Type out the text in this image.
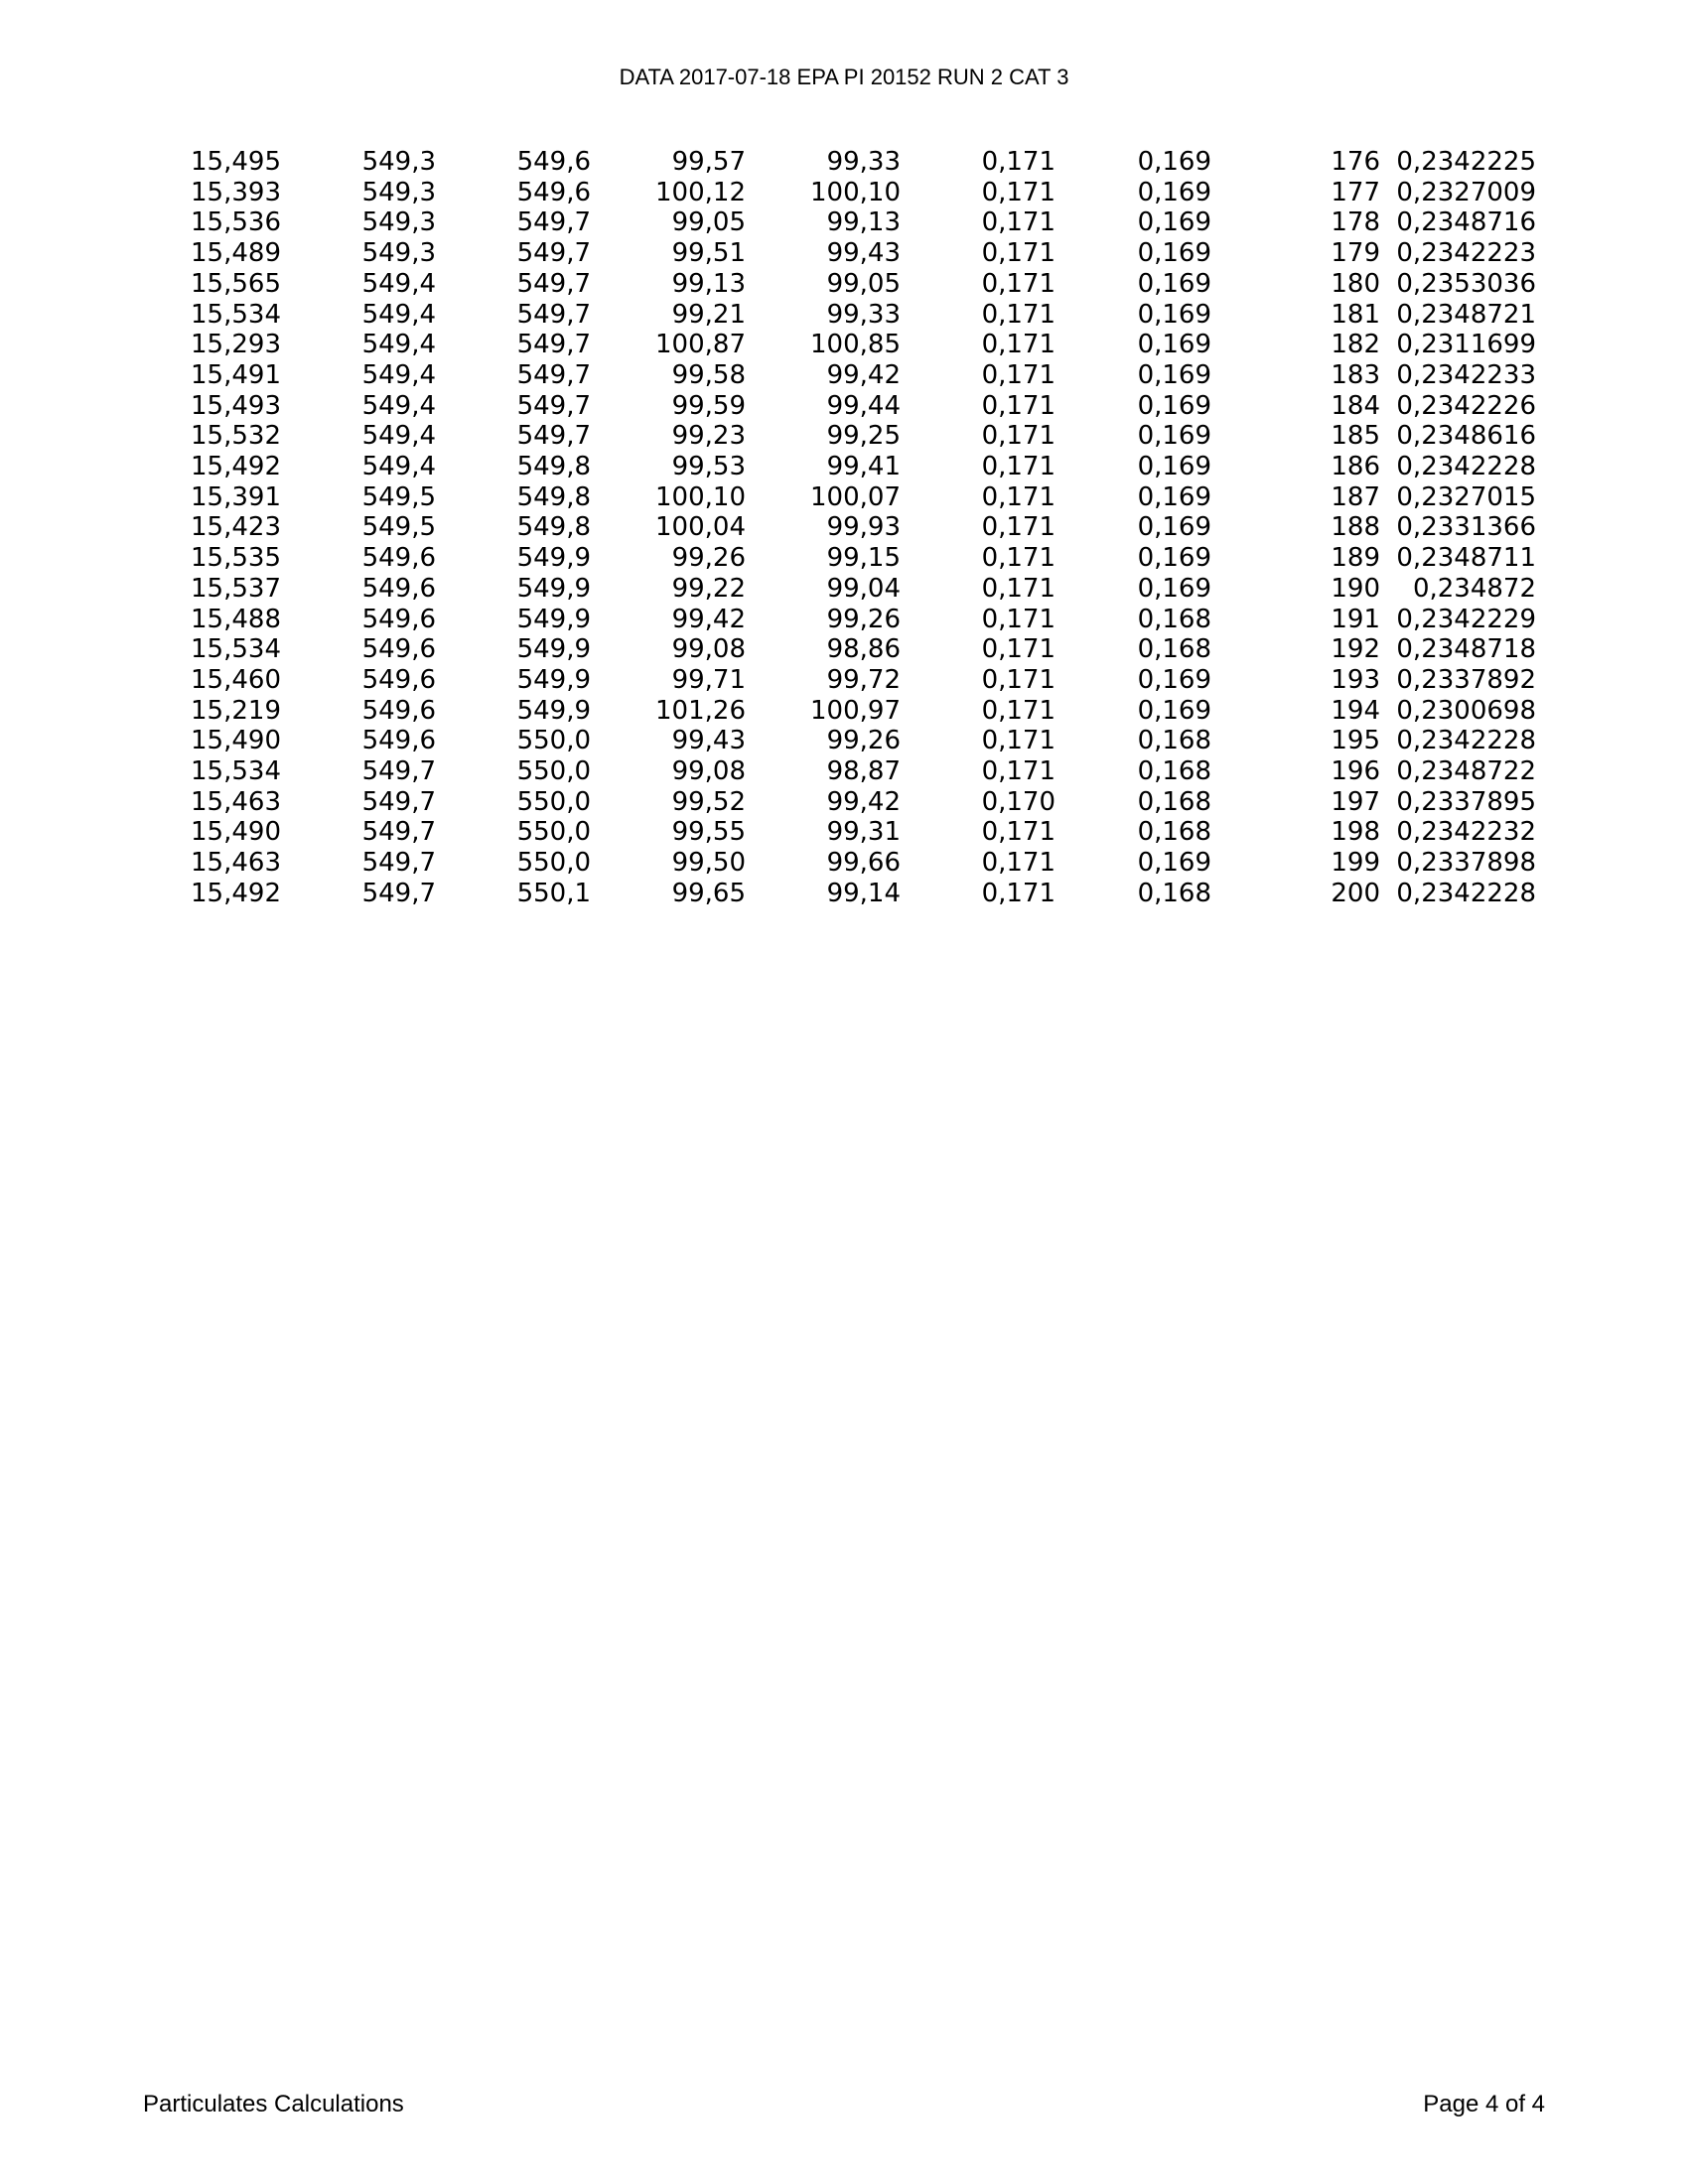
DATA 2017-07-18 EPA PI 20152 RUN 2 CAT 3
15,495	549,3	549,6	99,57	99,33	0,171	0,169	176	0,2342225
15,393	549,3	549,6	100,12	100,10	0,171	0,169	177	0,2327009
15,536	549,3	549,7	99,05	99,13	0,171	0,169	178	0,2348716
15,489	549,3	549,7	99,51	99,43	0,171	0,169	179	0,2342223
15,565	549,4	549,7	99,13	99,05	0,171	0,169	180	0,2353036
15,534	549,4	549,7	99,21	99,33	0,171	0,169	181	0,2348721
15,293	549,4	549,7	100,87	100,85	0,171	0,169	182	0,2311699
15,491	549,4	549,7	99,58	99,42	0,171	0,169	183	0,2342233
15,493	549,4	549,7	99,59	99,44	0,171	0,169	184	0,2342226
15,532	549,4	549,7	99,23	99,25	0,171	0,169	185	0,2348616
15,492	549,4	549,8	99,53	99,41	0,171	0,169	186	0,2342228
15,391	549,5	549,8	100,10	100,07	0,171	0,169	187	0,2327015
15,423	549,5	549,8	100,04	99,93	0,171	0,169	188	0,2331366
15,535	549,6	549,9	99,26	99,15	0,171	0,169	189	0,2348711
15,537	549,6	549,9	99,22	99,04	0,171	0,169	190	0,234872
15,488	549,6	549,9	99,42	99,26	0,171	0,168	191	0,2342229
15,534	549,6	549,9	99,08	98,86	0,171	0,168	192	0,2348718
15,460	549,6	549,9	99,71	99,72	0,171	0,169	193	0,2337892
15,219	549,6	549,9	101,26	100,97	0,171	0,169	194	0,2300698
15,490	549,6	550,0	99,43	99,26	0,171	0,168	195	0,2342228
15,534	549,7	550,0	99,08	98,87	0,171	0,168	196	0,2348722
15,463	549,7	550,0	99,52	99,42	0,170	0,168	197	0,2337895
15,490	549,7	550,0	99,55	99,31	0,171	0,168	198	0,2342232
15,463	549,7	550,0	99,50	99,66	0,171	0,169	199	0,2337898
15,492	549,7	550,1	99,65	99,14	0,171	0,168	200	0,2342228
Particulates Calculations	Page 4 of 4
